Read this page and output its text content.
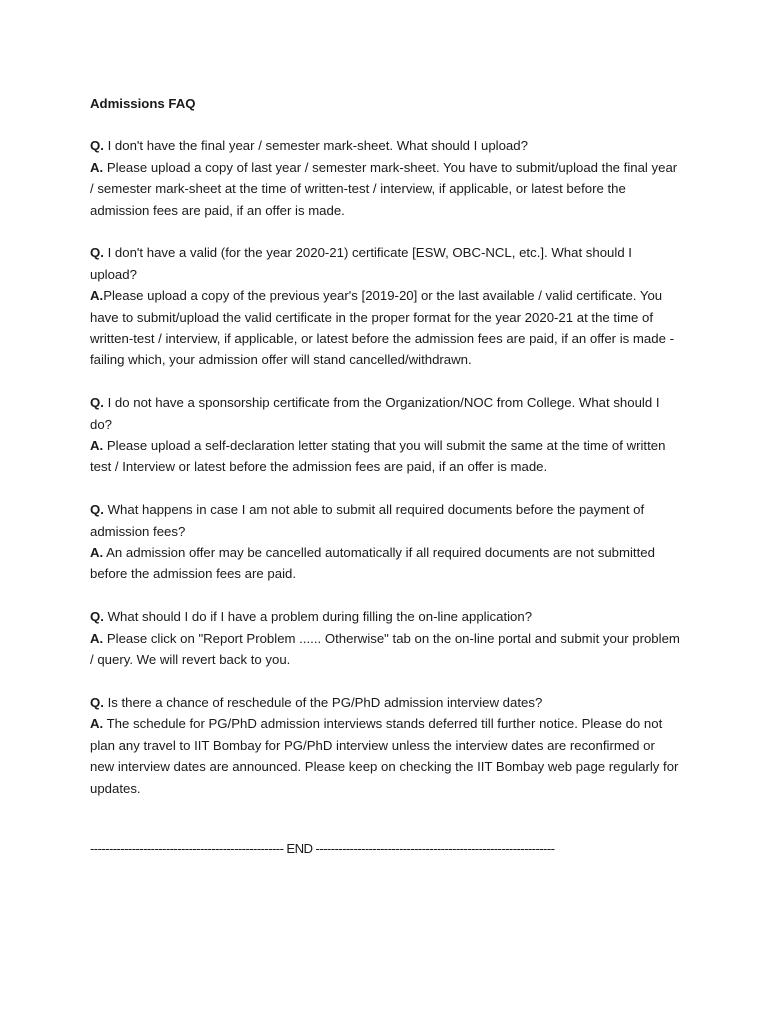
Admissions FAQ

Q. I don't have the final year / semester mark-sheet. What should I upload?

A. Please upload a copy of last year / semester mark-sheet. You have to submit/upload the final year / semester mark-sheet at the time of written-test / interview, if applicable, or latest before the admission fees are paid, if an offer is made.

Q. I don't have a valid (for the year 2020-21) certificate [ESW, OBC-NCL, etc.]. What should I upload?

A.Please upload a copy of the previous year's [2019-20] or the last available / valid certificate. You have to submit/upload the valid certificate in the proper format for the year 2020-21 at the time of written-test / interview, if applicable, or latest before the admission fees are paid, if an offer is made - failing which, your admission offer will stand cancelled/withdrawn.

Q. I do not have a sponsorship certificate from the Organization/NOC from College. What should I do?

A. Please upload a self-declaration letter stating that you will submit the same at the time of written test / Interview or latest before the admission fees are paid, if an offer is made.

Q. What happens in case I am not able to submit all required documents before the payment of admission fees?

A. An admission offer may be cancelled automatically if all required documents are not submitted before the admission fees are paid.

Q. What should I do if I have a problem during filling the on-line application?

A. Please click on "Report Problem ...... Otherwise" tab on the on-line portal and submit your problem / query. We will revert back to you.

Q. Is there a chance of reschedule of the PG/PhD admission interview dates?

A. The schedule for PG/PhD admission interviews stands deferred till further notice. Please do not plan any travel to IIT Bombay for PG/PhD interview unless the interview dates are reconfirmed or new interview dates are announced. Please keep on checking the IIT Bombay web page regularly for updates.

--------------------------------------------------- END ---------------------------------------------------------------
